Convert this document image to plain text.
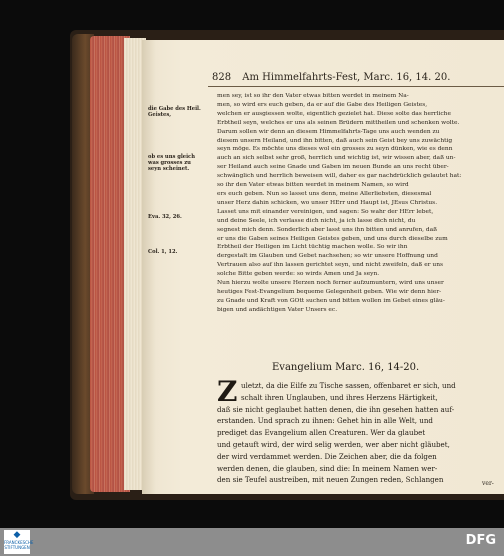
828 Am Himmelfahrts-Fest, Marc. 16, 14. 20.
die Gabe des Heil. Geistes,
ob es uns gleich was grosses zu seyn scheinet.
Eva. 32, 26.
Col. 1, 12.
men sey, ist so ihr den Vater etwas bitten werdet in meinem Na-
men, so wird ers euch geben, da er auf die Gabe des Heiligen Geistes,
welchen er ausgiessen wolte, eigentlich gezielet hat. Diese solte das herrliche
Erbtheil seyn, welches er uns als seinen Brüdern mittheilen und schenken wolte.
Darum sollen wir denn an diesem Himmelfahrts-Tage uns auch wenden zu
diesem unsern Heiland, und ihn bitten, daß auch sein Geist bey uns zuwächtig
seyn möge. Es möchte uns dieses wol ein grosses zu seyn dünken, wie es denn
auch an sich selbst sehr groß, herrlich und wichtig ist, wir wissen aber, daß un-
ser Heiland auch seine Gnade und Gaben im neuen Bunde an uns recht über-
schwänglich und herrlich beweisen will, daher es gar nachdrücklich gelautet hat:
so ihr den Vater etwas bitten werdet in meinem Namen, so wird
ers euch geben. Nun so lasset uns denn, meine Allerliebsten, diesesmal
unser Herz dahin schicken, wo unser HErr und Haupt ist, JEsus Christus.
Lasset uns mit einander vereinigen, und sagen: So wahr der HErr lebet,
und deine Seele, ich verlasse dich nicht, ja ich lasse dich nicht, du
segnest mich denn. Sonderlich aber lasst uns ihn bitten und anrufen, daß
er uns die Gaben seines Heiligen Geistes geben, und uns durch dieselbe zum
Erbtheil der Heiligen im Licht tüchtig machen wolle. So wir ihn
dergestalt im Glauben und Gebet nachsehen; so wir unsere Hoffnung und
Vertrauen also auf ihn lassen gerichtet seyn, und nicht zweifeln, daß er uns
solche Bitte geben werde: so wirds Amen und Ja seyn.
Nun hierzu wolte unsere Herzen noch ferner aufzumuntern, wird uns unser
heutiges Fest-Evangelium bequeme Gelegenheit geben. Wie wir denn hier-
zu Gnade und Kraft von GOtt suchen und bitten wollen im Gebet eines gläu-
bigen und andächtigen Vater Unsers ec.
Evangelium Marc. 16, 14-20.
Z uletzt, da die Eilfe zu Tische sassen, offenbaret er sich, und
schalt ihren Unglauben, und ihres Herzens Härtigkeit,
daß sie nicht geglaubet hatten denen, die ihn gesehen hatten auf-
erstanden. Und sprach zu ihnen: Gehet hin in alle Welt, und
prediget das Evangelium allen Creaturen. Wer da glaubet
und getauft wird, der wird selig werden, wer aber nicht gläubet,
der wird verdammet werden. Die Zeichen aber, die da folgen
werden denen, die glauben, sind die: In meinem Namen wer-
den sie Teufel austreiben, mit neuen Zungen reden, Schlangen	ver-
◆
FRANCKESCHE STIFTUNGEN	DFG
